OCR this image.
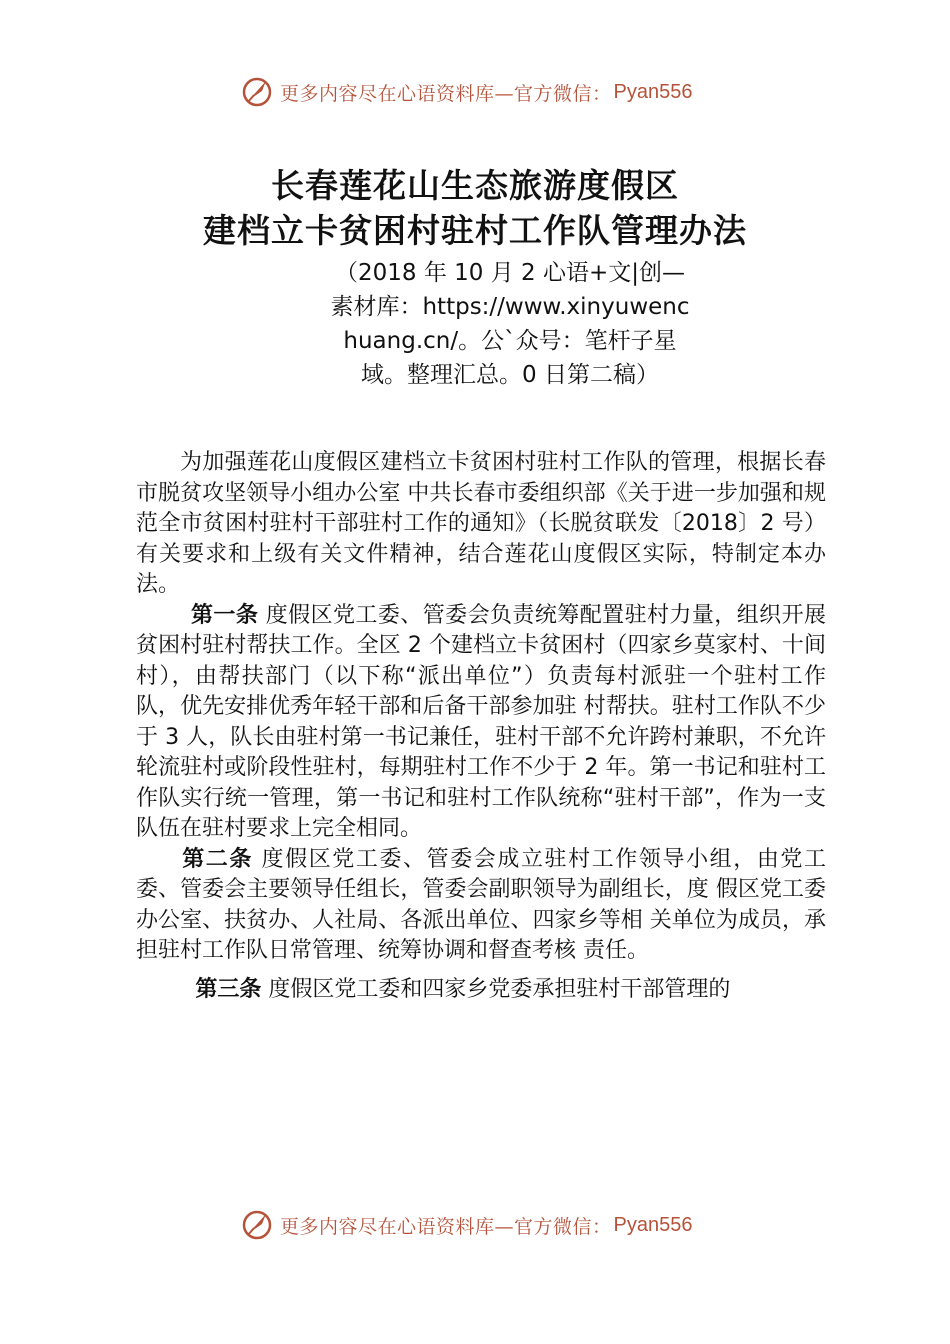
更多内容尽在心语资料库—官方微信： Pyan556
长春莲花山生态旅游度假区
建档立卡贫困村驻村工作队管理办法
（2018 年 10 月 2 心语+文|创—素材库：https://www.xinyuwenchuang.cn/。公`众号：笔杆子星域。整理汇总。0 日第二稿）

为加强莲花山度假区建档立卡贫困村驻村工作队的管理，根据长春市脱贫攻坚领导小组办公室 中共长春市委组织部《关于进一步加强和规范全市贫困村驻村干部驻村工作的通知》（长脱贫联发〔2018〕2 号）有关要求和上级有关文件精神，结合莲花山度假区实际，特制定本办法。

第一条 度假区党工委、管委会负责统筹配置驻村力量，组织开展贫困村驻村帮扶工作。全区 2 个建档立卡贫困村（四家乡莫家村、十间村），由帮扶部门（以下称“派出单位”）负责每村派驻一个驻村工作队，优先安排优秀年轻干部和后备干部参加驻 村帮扶。驻村工作队不少于 3 人，队长由驻村第一书记兼任，驻村干部不允许跨村兼职，不允许轮流驻村或阶段性驻村，每期驻村工作不少于 2 年。第一书记和驻村工作队实行统一管理，第一书记和驻村工作队统称“驻村干部”，作为一支队伍在驻村要求上完全相同。

第二条 度假区党工委、管委会成立驻村工作领导小组，由党工委、管委会主要领导任组长，管委会副职领导为副组长，度 假区党工委办公室、扶贫办、人社局、各派出单位、四家乡等相 关单位为成员，承担驻村工作队日常管理、统筹协调和督查考核 责任。

第三条 度假区党工委和四家乡党委承担驻村干部管理的

更多内容尽在心语资料库—官方微信： Pyan556
